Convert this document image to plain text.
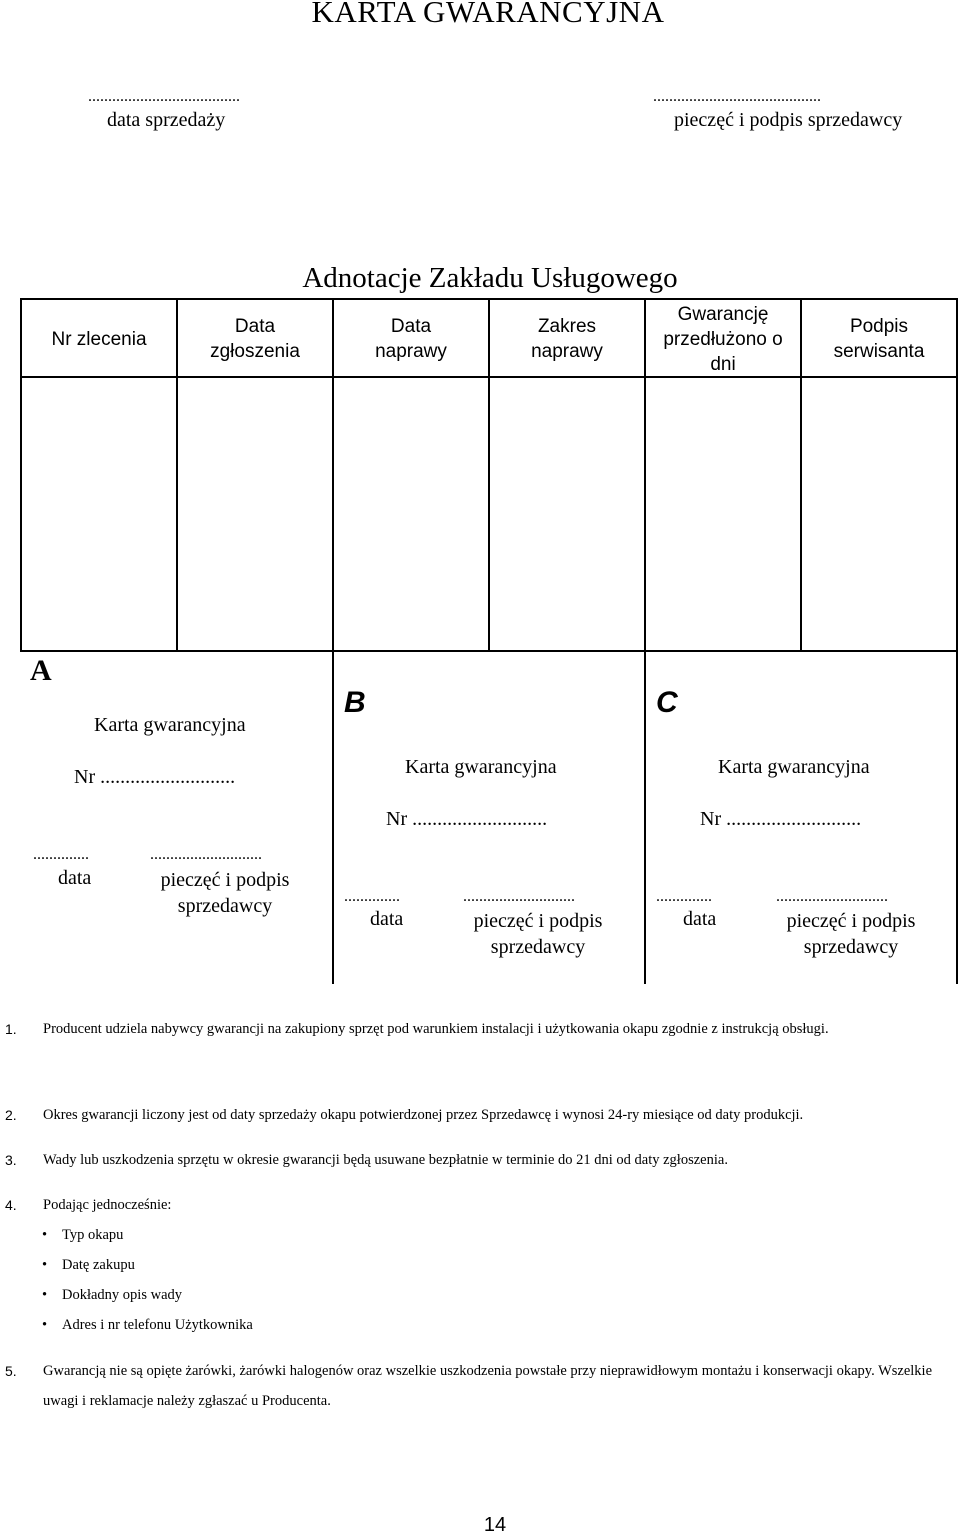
KARTA GWARANCYJNA
......................................
data sprzedaży
..........................................
pieczęć i podpis sprzedawcy
Adnotacje Zakładu Usługowego
Nr zlecenia
Data
zgłoszenia
Data
naprawy
Zakres
naprawy
Gwarancję
przedłużono o
dni
Podpis
serwisanta
A
Karta gwarancyjna
Nr ...........................
..............
data
............................
pieczęć i podpis
sprzedawcy
B
Karta gwarancyjna
Nr ...........................
..............
data
............................
pieczęć i podpis
sprzedawcy
C
Karta gwarancyjna
Nr ...........................
..............
data
............................
pieczęć i podpis
sprzedawcy
1. Producent udziela nabywcy gwarancji na zakupiony sprzęt pod warunkiem instalacji i użytkowania okapu zgodnie z instrukcją obsługi.
2. Okres gwarancji liczony jest od daty sprzedaży okapu potwierdzonej przez Sprzedawcę i wynosi 24-ry miesiące od daty produkcji.
3. Wady lub uszkodzenia sprzętu w okresie gwarancji będą usuwane bezpłatnie w terminie do 21 dni od daty zgłoszenia.
4. Podając jednocześnie:
• Typ okapu
• Datę zakupu
• Dokładny opis wady
• Adres i nr telefonu Użytkownika
5. Gwarancją nie są opięte żarówki, żarówki halogenów oraz wszelkie uszkodzenia powstałe przy nieprawidłowym montażu i konserwacji okapy. Wszelkie uwagi i reklamacje należy zgłaszać u Producenta.
14
